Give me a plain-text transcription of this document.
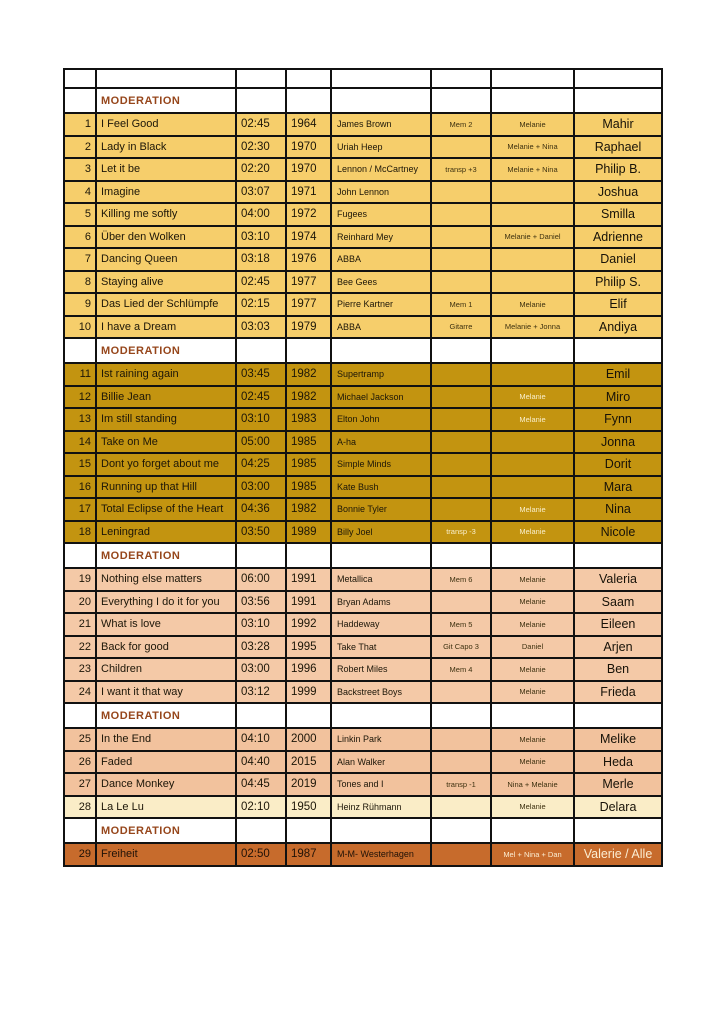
	MODERATION						
1	I Feel Good	02:45	1964	James Brown	Mem 2	Melanie	Mahir
2	Lady in Black	02:30	1970	Uriah Heep		Melanie + Nina	Raphael
3	Let it be	02:20	1970	Lennon / McCartney	transp +3	Melanie + Nina	Philip B.
4	Imagine	03:07	1971	John Lennon			Joshua
5	Killing me softly	04:00	1972	Fugees			Smilla
6	Über den Wolken	03:10	1974	Reinhard Mey		Melanie + Daniel	Adrienne
7	Dancing Queen	03:18	1976	ABBA			Daniel
8	Staying alive	02:45	1977	Bee Gees			Philip S.
9	Das Lied der Schlümpfe	02:15	1977	Pierre Kartner	Mem 1	Melanie	Elif
10	I have a Dream	03:03	1979	ABBA	Gitarre	Melanie + Jonna	Andiya
	MODERATION						
11	Ist raining again	03:45	1982	Supertramp			Emil
12	Billie Jean	02:45	1982	Michael Jackson		Melanie	Miro
13	Im still standing	03:10	1983	Elton John		Melanie	Fynn
14	Take on Me	05:00	1985	A-ha			Jonna
15	Dont yo forget about me	04:25	1985	Simple Minds			Dorit
16	Running up that Hill	03:00	1985	Kate Bush			Mara
17	Total Eclipse of the Heart	04:36	1982	Bonnie Tyler		Melanie	Nina
18	Leningrad	03:50	1989	Billy Joel	transp -3	Melanie	Nicole
	MODERATION						
19	Nothing else matters	06:00	1991	Metallica	Mem 6	Melanie	Valeria
20	Everything I do it for you	03:56	1991	Bryan Adams		Melanie	Saam
21	What is love	03:10	1992	Haddeway	Mem 5	Melanie	Eileen
22	Back for good	03:28	1995	Take That	Git Capo 3	Daniel	Arjen
23	Children	03:00	1996	Robert Miles	Mem 4	Melanie	Ben
24	I want it that way	03:12	1999	Backstreet Boys		Melanie	Frieda
	MODERATION						
25	In the End	04:10	2000	Linkin Park		Melanie	Melike
26	Faded	04:40	2015	Alan Walker		Melanie	Heda
27	Dance Monkey	04:45	2019	Tones and I	transp -1	Nina + Melanie	Merle
28	La Le Lu	02:10	1950	Heinz Rühmann		Melanie	Delara
	MODERATION						
29	Freiheit	02:50	1987	M-M- Westerhagen		Mel + Nina + Dan	Valerie / Alle
